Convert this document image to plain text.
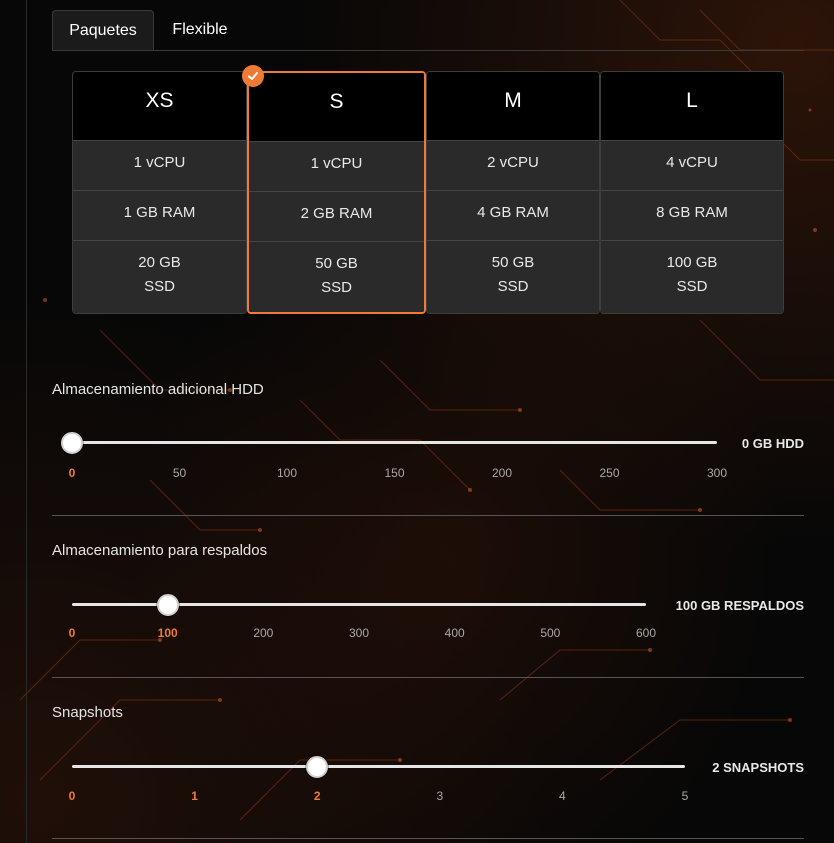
Paquetes	Flexible
XS
1 vCPU
1 GB RAM
20 GB
SSD
S
1 vCPU
2 GB RAM
50 GB
SSD
M
2 vCPU
4 GB RAM
50 GB
SSD
L
4 vCPU
8 GB RAM
100 GB
SSD
Almacenamiento adicional HDD
0	50	100	150	200	250	300
0 GB HDD
Almacenamiento para respaldos
0	100	200	300	400	500	600
100 GB RESPALDOS
Snapshots
0	1	2	3	4	5
2 SNAPSHOTS
